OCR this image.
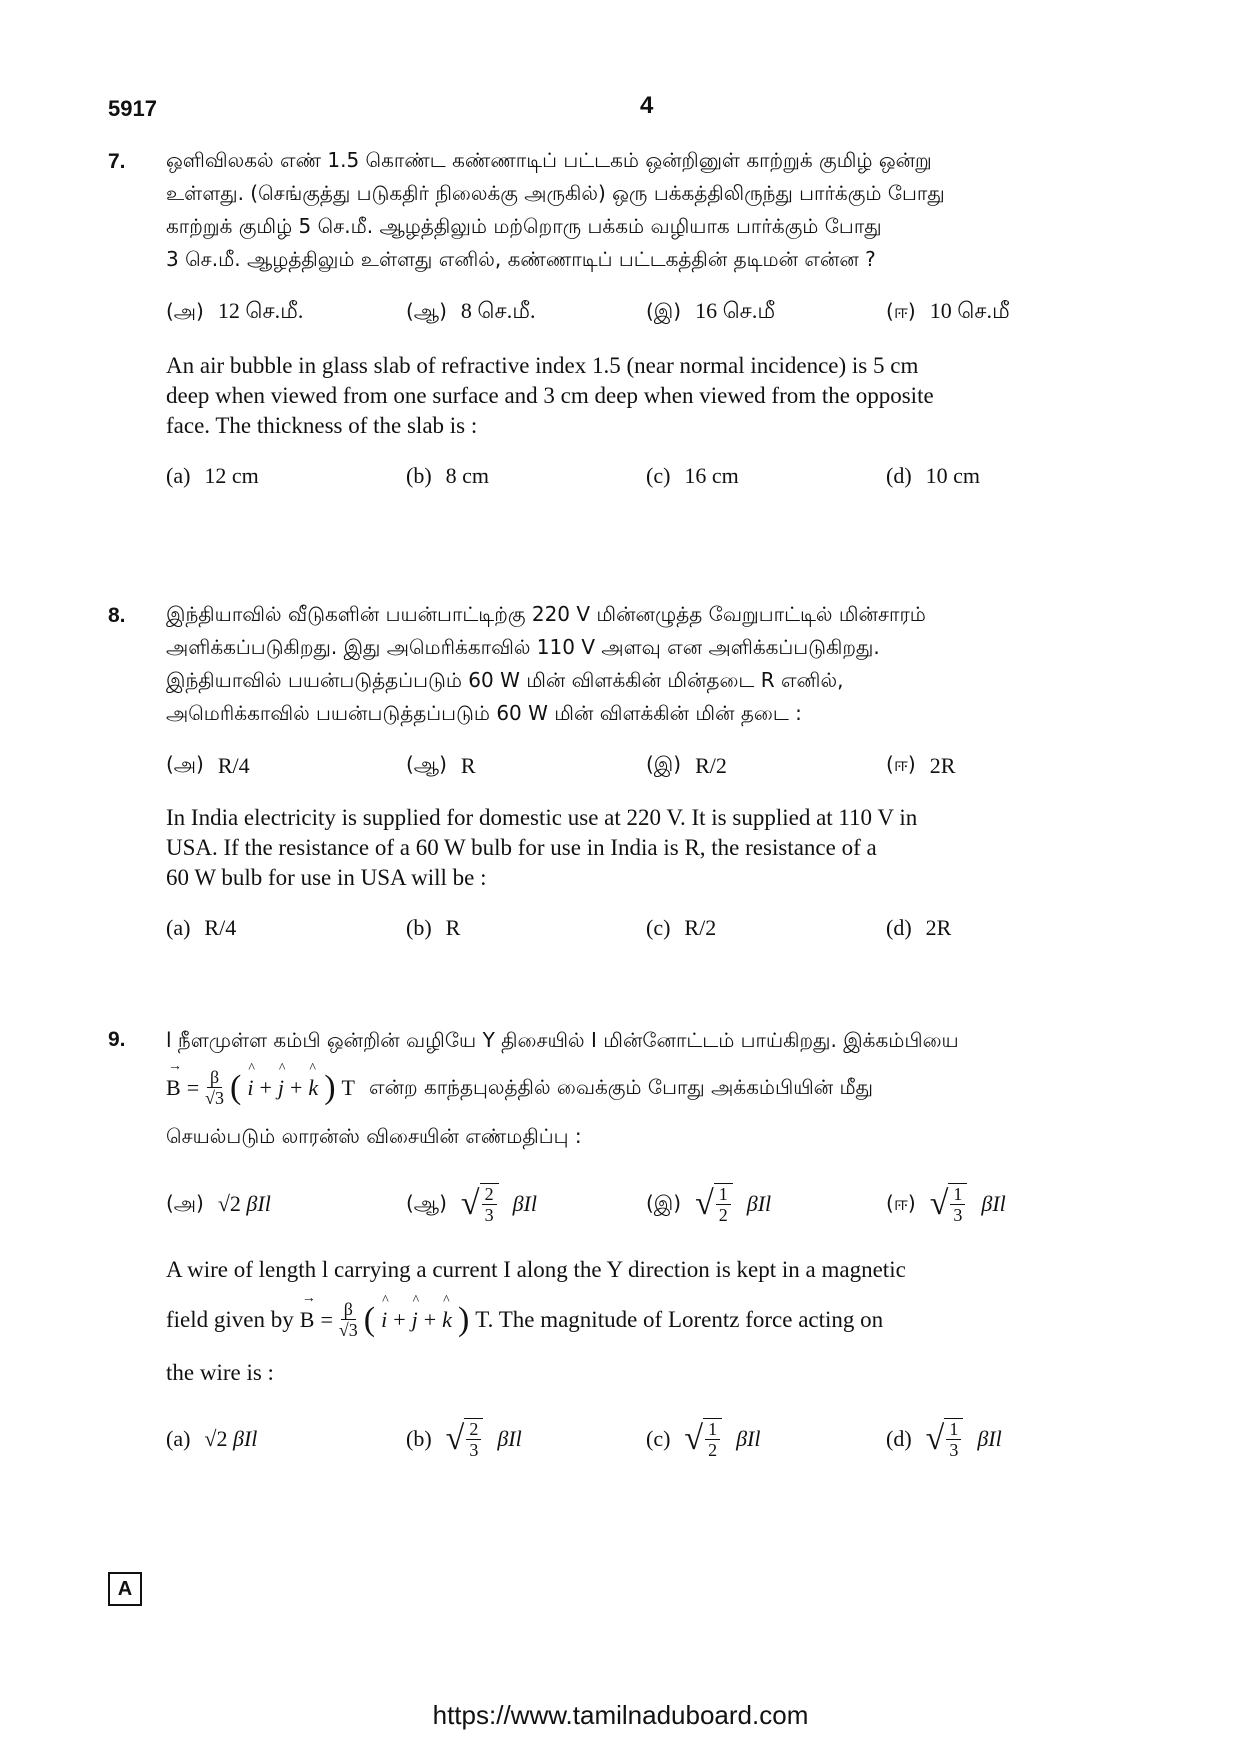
5917	4
7. ஒளிவிலகல் எண் 1.5 கொண்ட கண்ணாடிப் பட்டகம் ஒன்றினுள் காற்றுக் குமிழ் ஒன்று

உள்ளது. (செங்குத்து படுகதிர் நிலைக்கு அருகில்) ஒரு பக்கத்திலிருந்து பார்க்கும் போது

காற்றுக் குமிழ் 5 செ.மீ. ஆழத்திலும் மற்றொரு பக்கம் வழியாக பார்க்கும் போது

3 செ.மீ. ஆழத்திலும் உள்ளது எனில், கண்ணாடிப் பட்டகத்தின் தடிமன் என்ன ?

(அ) 12 செ.மீ.	(ஆ) 8 செ.மீ.	(இ) 16 செ.மீ	(ஈ) 10 செ.மீ

An air bubble in glass slab of refractive index 1.5 (near normal incidence) is 5 cm

deep when viewed from one surface and 3 cm deep when viewed from the opposite

face. The thickness of the slab is :

(a) 12 cm	(b) 8 cm	(c) 16 cm	(d) 10 cm
8. இந்தியாவில் வீடுகளின் பயன்பாட்டிற்கு 220 V மின்னழுத்த வேறுபாட்டில் மின்சாரம்

அளிக்கப்படுகிறது. இது அமெரிக்காவில் 110 V அளவு என அளிக்கப்படுகிறது.

இந்தியாவில் பயன்படுத்தப்படும் 60 W மின் விளக்கின் மின்தடை R எனில்,

அமெரிக்காவில் பயன்படுத்தப்படும் 60 W மின் விளக்கின் மின் தடை :

(அ) R/4	(ஆ) R	(இ) R/2	(ஈ) 2R

In India electricity is supplied for domestic use at 220 V. It is supplied at 110 V in

USA. If the resistance of a 60 W bulb for use in India is R, the resistance of a

60 W bulb for use in USA will be :

(a) R/4	(b) R	(c) R/2	(d) 2R
9. l நீளமுள்ள கம்பி ஒன்றின் வழியே Y திசையில் I மின்னோட்டம் பாய்கிறது. இக்கம்பியை

→ $B = \frac{\beta}{√3}$ ( ^ i + ^ j + ^ k ) T என்ற காந்தபுலத்தில் வைக்கும் போது அக்கம்பியின் மீது

செயல்படும் லாரன்ஸ் விசையின் எண்மதிப்பு :

(அ) √2 βIl	(ஆ) √ $\frac{2}{3}$ βIl	(இ) √ $\frac{1}{2}$ βIl	(ஈ) √ $\frac{1}{3}$ βIl

A wire of length l carrying a current I along the Y direction is kept in a magnetic

field given by → $B = \frac{\beta}{√3}$ ( ^ i + ^ j + ^ k ) T. The magnitude of Lorentz force acting on

the wire is :

(a) √2 βIl	(b) √ $\frac{2}{3}$ βIl	(c) √ $\frac{1}{2}$ βIl	(d) √ $\frac{1}{3}$ βIl
A
https://www.tamilnaduboard.com
